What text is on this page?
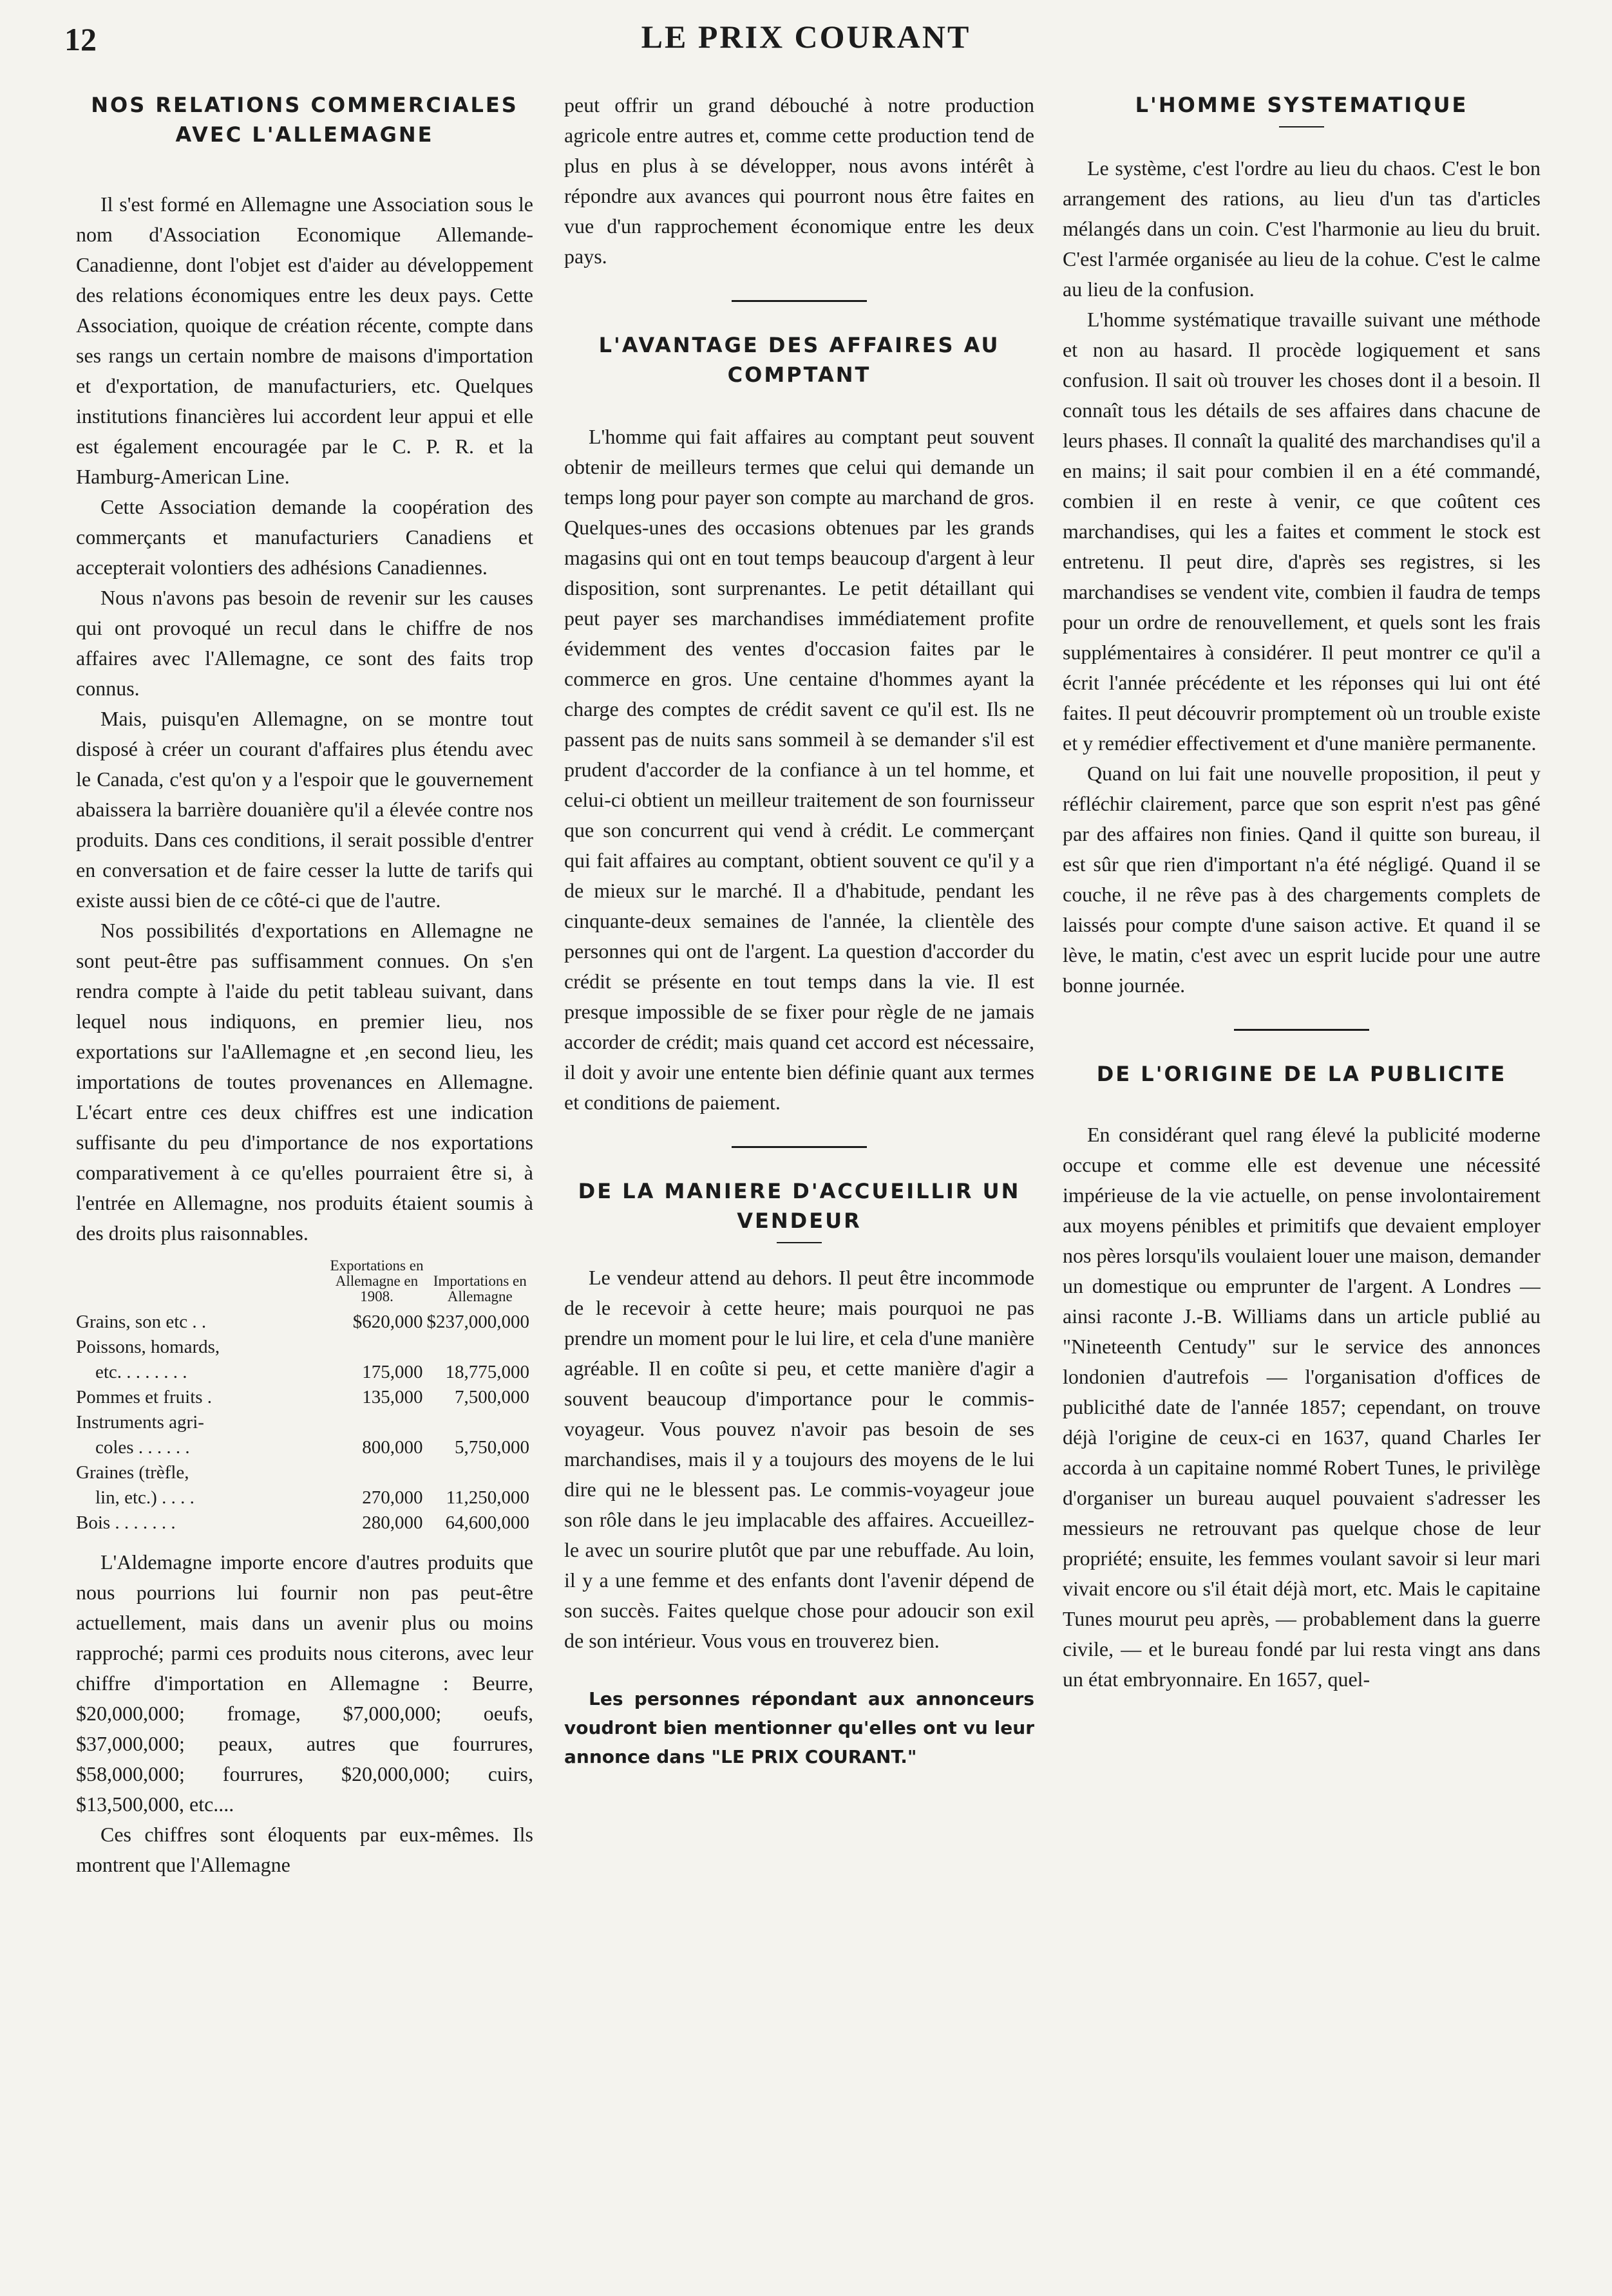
12	LE PRIX COURANT
NOS RELATIONS COMMERCIALES AVEC L'ALLEMAGNE

Il s'est formé en Allemagne une Association sous le nom d'Association Economique Allemande-Canadienne, dont l'objet est d'aider au développement des relations économiques entre les deux pays. Cette Association, quoique de création récente, compte dans ses rangs un certain nombre de maisons d'importation et d'exportation, de manufacturiers, etc. Quelques institutions financières lui accordent leur appui et elle est également encouragée par le C. P. R. et la Hamburg-American Line.

Cette Association demande la coopération des commerçants et manufacturiers Canadiens et accepterait volontiers des adhésions Canadiennes.

Nous n'avons pas besoin de revenir sur les causes qui ont provoqué un recul dans le chiffre de nos affaires avec l'Allemagne, ce sont des faits trop connus.

Mais, puisqu'en Allemagne, on se montre tout disposé à créer un courant d'affaires plus étendu avec le Canada, c'est qu'on y a l'espoir que le gouvernement abaissera la barrière douanière qu'il a élevée contre nos produits. Dans ces conditions, il serait possible d'entrer en conversation et de faire cesser la lutte de tarifs qui existe aussi bien de ce côté-ci que de l'autre.

Nos possibilités d'exportations en Allemagne ne sont peut-être pas suffisamment connues. On s'en rendra compte à l'aide du petit tableau suivant, dans lequel nous indiquons, en premier lieu, nos exportations sur l'aAllemagne et ,en second lieu, les importations de toutes provenances en Allemagne. L'écart entre ces deux chiffres est une indication suffisante du peu d'importance de nos exportations comparativement à ce qu'elles pourraient être si, à l'entrée en Allemagne, nos produits étaient soumis à des droits plus raisonnables.

	Exportations en Allemagne en 1908.	Importations en Allemagne
Grains, son etc . .	$620,000	$237,000,000
Poissons, homards,		
etc. . . . . . . .	175,000	18,775,000
Pommes et fruits .	135,000	7,500,000
Instruments agri-		
coles . . . . . .	800,000	5,750,000
Graines (trèfle,		
lin, etc.) . . . .	270,000	11,250,000
Bois . . . . . . .	280,000	64,600,000

L'Aldemagne importe encore d'autres produits que nous pourrions lui fournir non pas peut-être actuellement, mais dans un avenir plus ou moins rapproché; parmi ces produits nous citerons, avec leur chiffre d'importation en Allemagne : Beurre, $20,000,000; fromage, $7,000,000; oeufs, $37,000,000; peaux, autres que fourrures, $58,000,000; fourrures, $20,000,000; cuirs, $13,500,000, etc....

Ces chiffres sont éloquents par eux-mêmes. Ils montrent que l'Allemagne

peut offrir un grand débouché à notre production agricole entre autres et, comme cette production tend de plus en plus à se développer, nous avons intérêt à répondre aux avances qui pourront nous être faites en vue d'un rapprochement économique entre les deux pays.

L'AVANTAGE DES AFFAIRES AU COMPTANT

L'homme qui fait affaires au comptant peut souvent obtenir de meilleurs termes que celui qui demande un temps long pour payer son compte au marchand de gros. Quelques-unes des occasions obtenues par les grands magasins qui ont en tout temps beaucoup d'argent à leur disposition, sont surprenantes. Le petit détaillant qui peut payer ses marchandises immédiatement profite évidemment des ventes d'occasion faites par le commerce en gros. Une centaine d'hommes ayant la charge des comptes de crédit savent ce qu'il est. Ils ne passent pas de nuits sans sommeil à se demander s'il est prudent d'accorder de la confiance à un tel homme, et celui-ci obtient un meilleur traitement de son fournisseur que son concurrent qui vend à crédit. Le commerçant qui fait affaires au comptant, obtient souvent ce qu'il y a de mieux sur le marché. Il a d'habitude, pendant les cinquante-deux semaines de l'année, la clientèle des personnes qui ont de l'argent. La question d'accorder du crédit se présente en tout temps dans la vie. Il est presque impossible de se fixer pour règle de ne jamais accorder de crédit; mais quand cet accord est nécessaire, il doit y avoir une entente bien définie quant aux termes et conditions de paiement.

DE LA MANIERE D'ACCUEILLIR UN VENDEUR

Le vendeur attend au dehors. Il peut être incommode de le recevoir à cette heure; mais pourquoi ne pas prendre un moment pour le lui lire, et cela d'une manière agréable. Il en coûte si peu, et cette manière d'agir a souvent beaucoup d'importance pour le commis-voyageur. Vous pouvez n'avoir pas besoin de ses marchandises, mais il y a toujours des moyens de le lui dire qui ne le blessent pas. Le commis-voyageur joue son rôle dans le jeu implacable des affaires. Accueillez-le avec un sourire plutôt que par une rebuffade. Au loin, il y a une femme et des enfants dont l'avenir dépend de son succès. Faites quelque chose pour adoucir son exil de son intérieur. Vous vous en trouverez bien.

Les personnes répondant aux annonceurs voudront bien mentionner qu'elles ont vu leur annonce dans "LE PRIX COURANT."

L'HOMME SYSTEMATIQUE

Le système, c'est l'ordre au lieu du chaos. C'est le bon arrangement des rations, au lieu d'un tas d'articles mélangés dans un coin. C'est l'harmonie au lieu du bruit. C'est l'armée organisée au lieu de la cohue. C'est le calme au lieu de la confusion.

L'homme systématique travaille suivant une méthode et non au hasard. Il procède logiquement et sans confusion. Il sait où trouver les choses dont il a besoin. Il connaît tous les détails de ses affaires dans chacune de leurs phases. Il connaît la qualité des marchandises qu'il a en mains; il sait pour combien il en a été commandé, combien il en reste à venir, ce que coûtent ces marchandises, qui les a faites et comment le stock est entretenu. Il peut dire, d'après ses registres, si les marchandises se vendent vite, combien il faudra de temps pour un ordre de renouvellement, et quels sont les frais supplémentaires à considérer. Il peut montrer ce qu'il a écrit l'année précédente et les réponses qui lui ont été faites. Il peut découvrir promptement où un trouble existe et y remédier effectivement et d'une manière permanente.

Quand on lui fait une nouvelle proposition, il peut y réfléchir clairement, parce que son esprit n'est pas gêné par des affaires non finies. Qand il quitte son bureau, il est sûr que rien d'important n'a été négligé. Quand il se couche, il ne rêve pas à des chargements complets de laissés pour compte d'une saison active. Et quand il se lève, le matin, c'est avec un esprit lucide pour une autre bonne journée.

DE L'ORIGINE DE LA PUBLICITE

En considérant quel rang élevé la publicité moderne occupe et comme elle est devenue une nécessité impérieuse de la vie actuelle, on pense involontairement aux moyens pénibles et primitifs que devaient employer nos pères lorsqu'ils voulaient louer une maison, demander un domestique ou emprunter de l'argent. A Londres — ainsi raconte J.-B. Williams dans un article publié au "Nineteenth Centudy" sur le service des annonces londonien d'autrefois — l'organisation d'offices de publicithé date de l'année 1857; cependant, on trouve déjà l'origine de ceux-ci en 1637, quand Charles Ier accorda à un capitaine nommé Robert Tunes, le privilège d'organiser un bureau auquel pouvaient s'adresser les messieurs ne retrouvant pas quelque chose de leur propriété; ensuite, les femmes voulant savoir si leur mari vivait encore ou s'il était déjà mort, etc. Mais le capitaine Tunes mourut peu après, — probablement dans la guerre civile, — et le bureau fondé par lui resta vingt ans dans un état embryonnaire. En 1657, quel-
